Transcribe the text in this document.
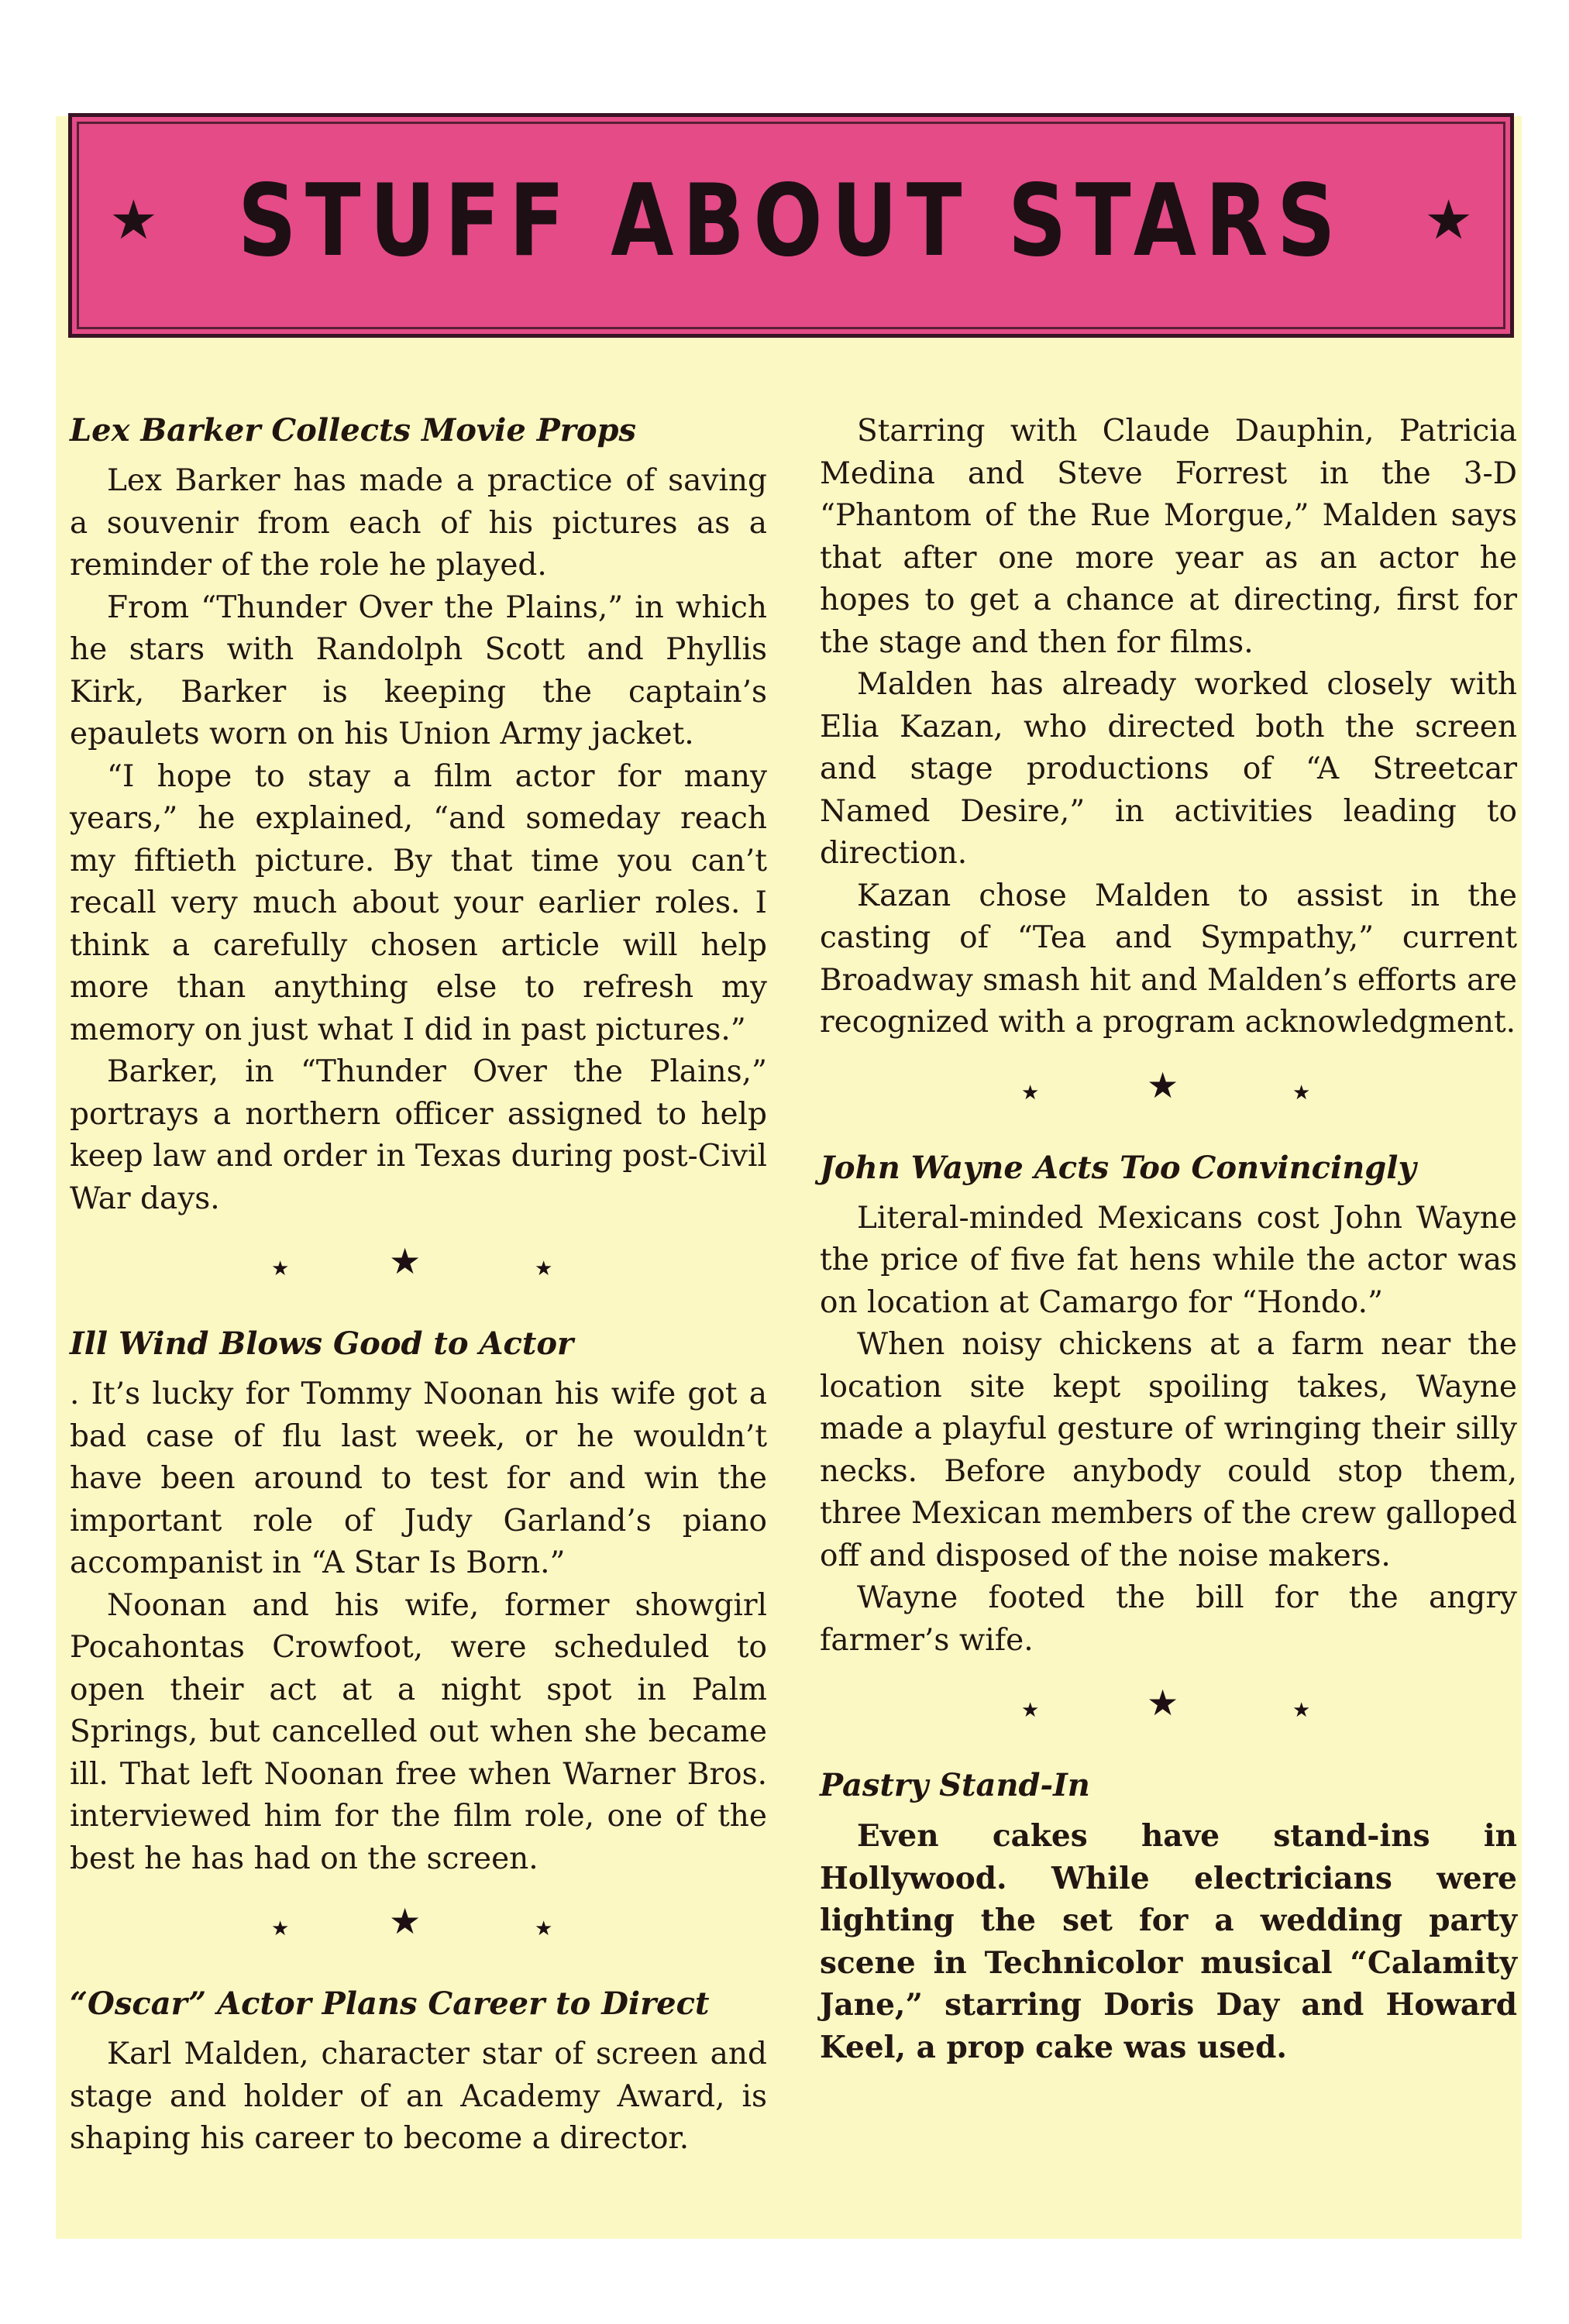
★ STUFF ABOUT STARS	★
Lex Barker Collects Movie Props

Lex Barker has made a practice of saving a souvenir from each of his pictures as a reminder of the role he played.

From “Thunder Over the Plains,” in which he stars with Randolph Scott and Phyllis Kirk, Barker is keeping the captain’s epaulets worn on his Union Army jacket.

“I hope to stay a film actor for many years,” he explained, “and someday reach my fiftieth picture. By that time you can’t recall very much about your earlier roles. I think a carefully chosen article will help more than anything else to refresh my memory on just what I did in past pictures.”

Barker, in “Thunder Over the Plains,” portrays a northern officer assigned to help keep law and order in Texas during post-Civil War days.

★	★	★
Ill Wind Blows Good to Actor

. It’s lucky for Tommy Noonan his wife got a bad case of flu last week, or he wouldn’t have been around to test for and win the important role of Judy Garland’s piano accompanist in “A Star Is Born.”

Noonan and his wife, former showgirl Pocahontas Crowfoot, were scheduled to open their act at a night spot in Palm Springs, but cancelled out when she became ill. That left Noonan free when Warner Bros. interviewed him for the film role, one of the best he has had on the screen.

★	★	★
“Oscar” Actor Plans Career to Direct

Karl Malden, character star of screen and stage and holder of an Academy Award, is shaping his career to become a director.

Starring with Claude Dauphin, Patricia Medina and Steve Forrest in the 3-D “Phantom of the Rue Morgue,” Malden says that after one more year as an actor he hopes to get a chance at directing, first for the stage and then for films.

Malden has already worked closely with Elia Kazan, who directed both the screen and stage productions of “A Streetcar Named Desire,” in activities leading to direction.

Kazan chose Malden to assist in the casting of “Tea and Sympathy,” current Broadway smash hit and Malden’s efforts are recognized with a program acknowledgment.

★	★	★
John Wayne Acts Too Convincingly

Literal-minded Mexicans cost John Wayne the price of five fat hens while the actor was on location at Camargo for “Hondo.”

When noisy chickens at a farm near the location site kept spoiling takes, Wayne made a playful gesture of wringing their silly necks. Before anybody could stop them, three Mexican members of the crew galloped off and disposed of the noise makers.

Wayne footed the bill for the angry farmer’s wife.

★	★	★
Pastry Stand-In

Even cakes have stand-ins in Hollywood. While electricians were lighting the set for a wedding party scene in Technicolor musical “Calamity Jane,” starring Doris Day and Howard Keel, a prop cake was used.
